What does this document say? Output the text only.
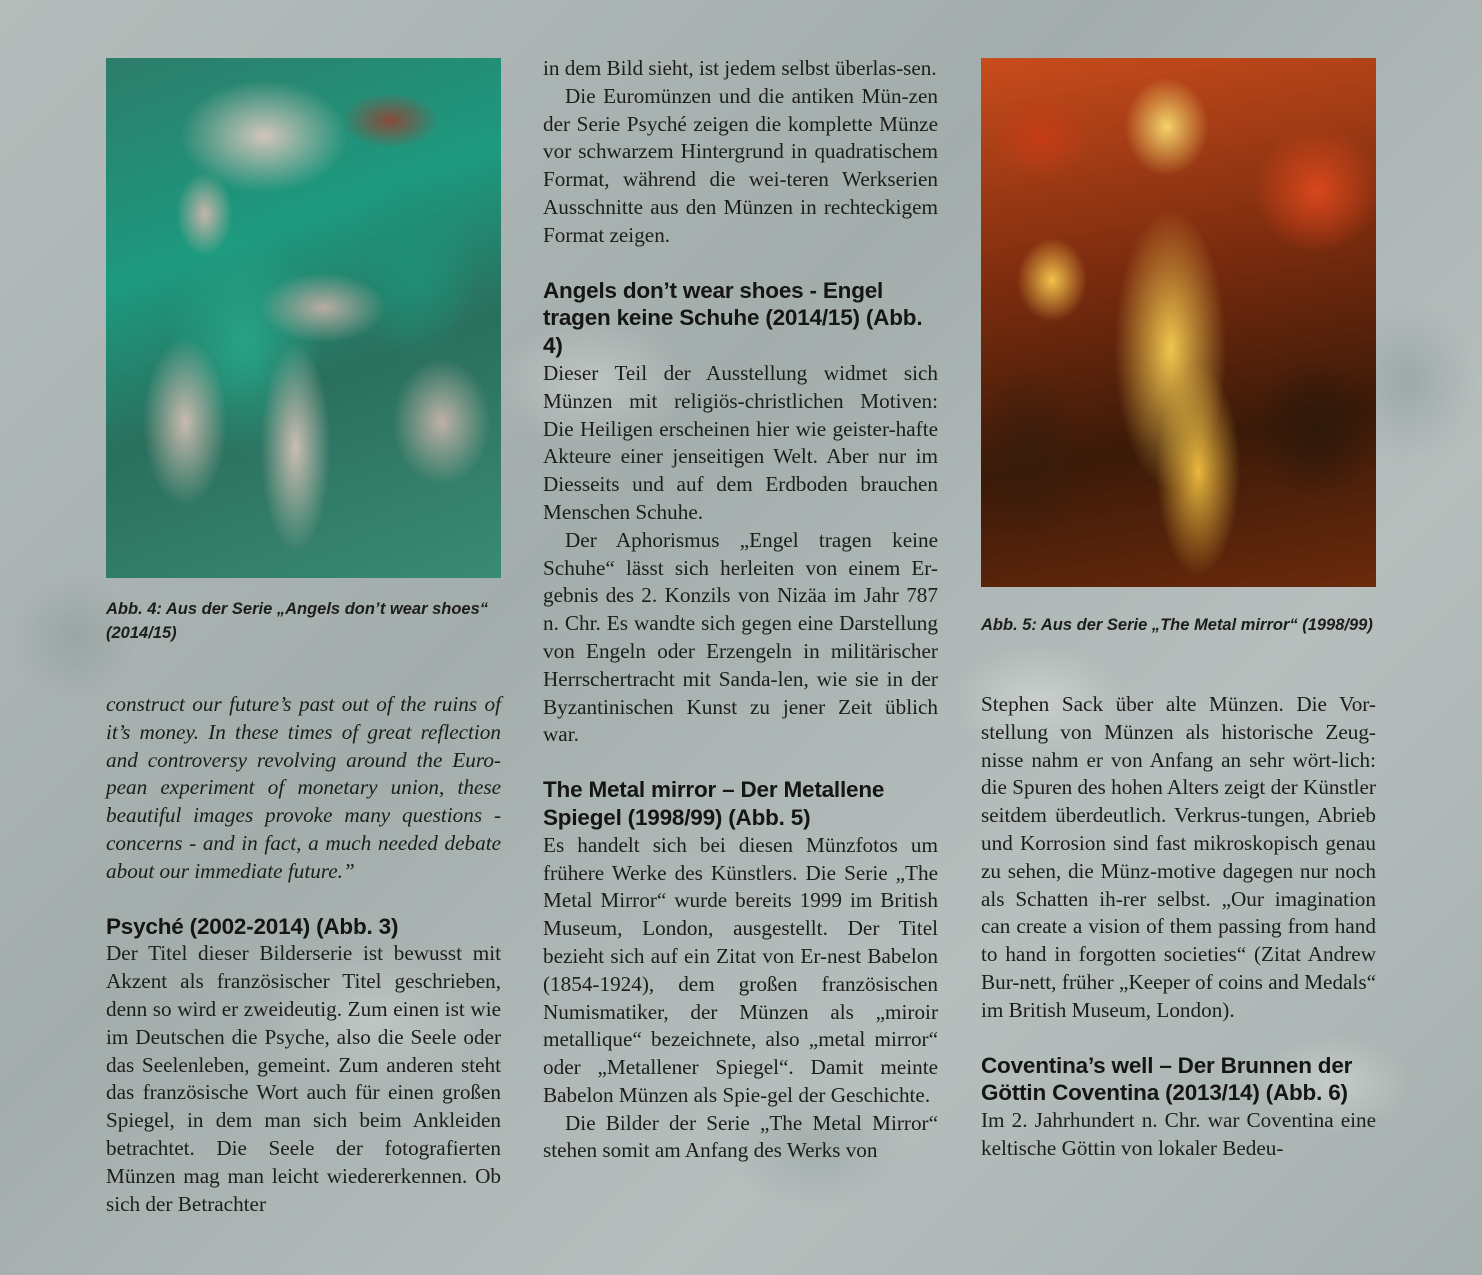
Abb. 4: Aus der Serie „Angels don’t wear shoes“ (2014/15)

construct our future’s past out of the ruins of it’s money. In these times of great reflection and controversy revolving around the Euro-pean experiment of monetary union, these beautiful images provoke many questions - concerns - and in fact, a much needed debate about our immediate future.”

Psyché (2002-2014) (Abb. 3)

Der Titel dieser Bilderserie ist bewusst mit Akzent als französischer Titel geschrieben, denn so wird er zweideutig. Zum einen ist wie im Deutschen die Psyche, also die Seele oder das Seelenleben, gemeint. Zum anderen steht das französische Wort auch für einen großen Spiegel, in dem man sich beim Ankleiden betrachtet. Die Seele der fotografierten Münzen mag man leicht wiedererkennen. Ob sich der Betrachter

in dem Bild sieht, ist jedem selbst überlas-sen.

Die Euromünzen und die antiken Mün-zen der Serie Psyché zeigen die komplette Münze vor schwarzem Hintergrund in quadratischem Format, während die wei-teren Werkserien Ausschnitte aus den Münzen in rechteckigem Format zeigen.

Angels don’t wear shoes - Engel tragen keine Schuhe (2014/15) (Abb. 4)

Dieser Teil der Ausstellung widmet sich Münzen mit religiös-christlichen Motiven: Die Heiligen erscheinen hier wie geister-hafte Akteure einer jenseitigen Welt. Aber nur im Diesseits und auf dem Erdboden brauchen Menschen Schuhe.

Der Aphorismus „Engel tragen keine Schuhe“ lässt sich herleiten von einem Er-gebnis des 2. Konzils von Nizäa im Jahr 787 n. Chr. Es wandte sich gegen eine Darstellung von Engeln oder Erzengeln in militärischer Herrschertracht mit Sanda-len, wie sie in der Byzantinischen Kunst zu jener Zeit üblich war.

The Metal mirror – Der Metallene Spiegel (1998/99) (Abb. 5)

Es handelt sich bei diesen Münzfotos um frühere Werke des Künstlers. Die Serie „The Metal Mirror“ wurde bereits 1999 im British Museum, London, ausgestellt. Der Titel bezieht sich auf ein Zitat von Er-nest Babelon (1854-1924), dem großen französischen Numismatiker, der Münzen als „miroir metallique“ bezeichnete, also „metal mirror“ oder „Metallener Spiegel“. Damit meinte Babelon Münzen als Spie-gel der Geschichte.

Die Bilder der Serie „The Metal Mirror“ stehen somit am Anfang des Werks von

Abb. 5: Aus der Serie „The Metal mirror“ (1998/99)

Stephen Sack über alte Münzen. Die Vor-stellung von Münzen als historische Zeug-nisse nahm er von Anfang an sehr wört-lich: die Spuren des hohen Alters zeigt der Künstler seitdem überdeutlich. Verkrus-tungen, Abrieb und Korrosion sind fast mikroskopisch genau zu sehen, die Münz-motive dagegen nur noch als Schatten ih-rer selbst. „Our imagination can create a vision of them passing from hand to hand in forgotten societies“ (Zitat Andrew Bur-nett, früher „Keeper of coins and Medals“ im British Museum, London).

Coventina’s well – Der Brunnen der Göttin Coventina (2013/14) (Abb. 6)

Im 2. Jahrhundert n. Chr. war Coventina eine keltische Göttin von lokaler Bedeu-
